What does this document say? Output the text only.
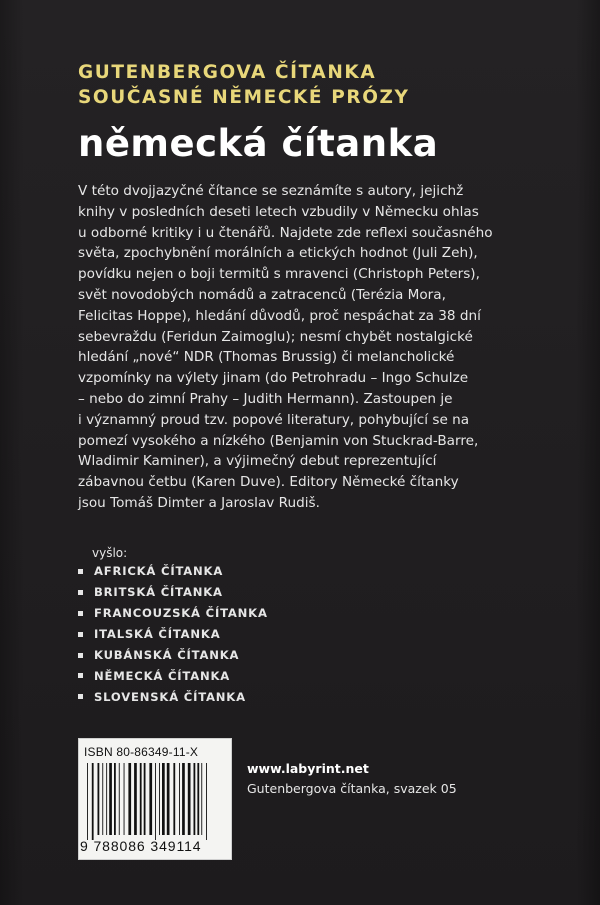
GUTENBERGOVA ČÍTANKA
SOUČASNÉ NĚMECKÉ PRÓZY
německá čítanka
V této dvojjazyčné čítance se seznámíte s autory, jejichž
knihy v posledních deseti letech vzbudily v Německu ohlas
u odborné kritiky i u čtenářů. Najdete zde reflexi současného
světa, zpochybnění morálních a etických hodnot (Juli Zeh),
povídku nejen o boji termitů s mravenci (Christoph Peters),
svět novodobých nomádů a zatracenců (Terézia Mora,
Felicitas Hoppe), hledání důvodů, proč nespáchat za 38 dní
sebevraždu (Feridun Zaimoglu); nesmí chybět nostalgické
hledání „nové“ NDR (Thomas Brussig) či melancholické
vzpomínky na výlety jinam (do Petrohradu – Ingo Schulze
– nebo do zimní Prahy – Judith Hermann). Zastoupen je
i významný proud tzv. popové literatury, pohybující se na
pomezí vysokého a nízkého (Benjamin von Stuckrad-Barre,
Wladimir Kaminer), a výjimečný debut reprezentující
zábavnou četbu (Karen Duve). Editory Německé čítanky
jsou Tomáš Dimter a Jaroslav Rudiš.
vyšlo:
AFRICKÁ ČÍTANKA
BRITSKÁ ČÍTANKA
FRANCOUZSKÁ ČÍTANKA
ITALSKÁ ČÍTANKA
KUBÁNSKÁ ČÍTANKA
NĚMECKÁ ČÍTANKA
SLOVENSKÁ ČÍTANKA
ISBN 80-86349-11-X
9 788086 349114
www.labyrint.net
Gutenbergova čítanka, svazek 05
